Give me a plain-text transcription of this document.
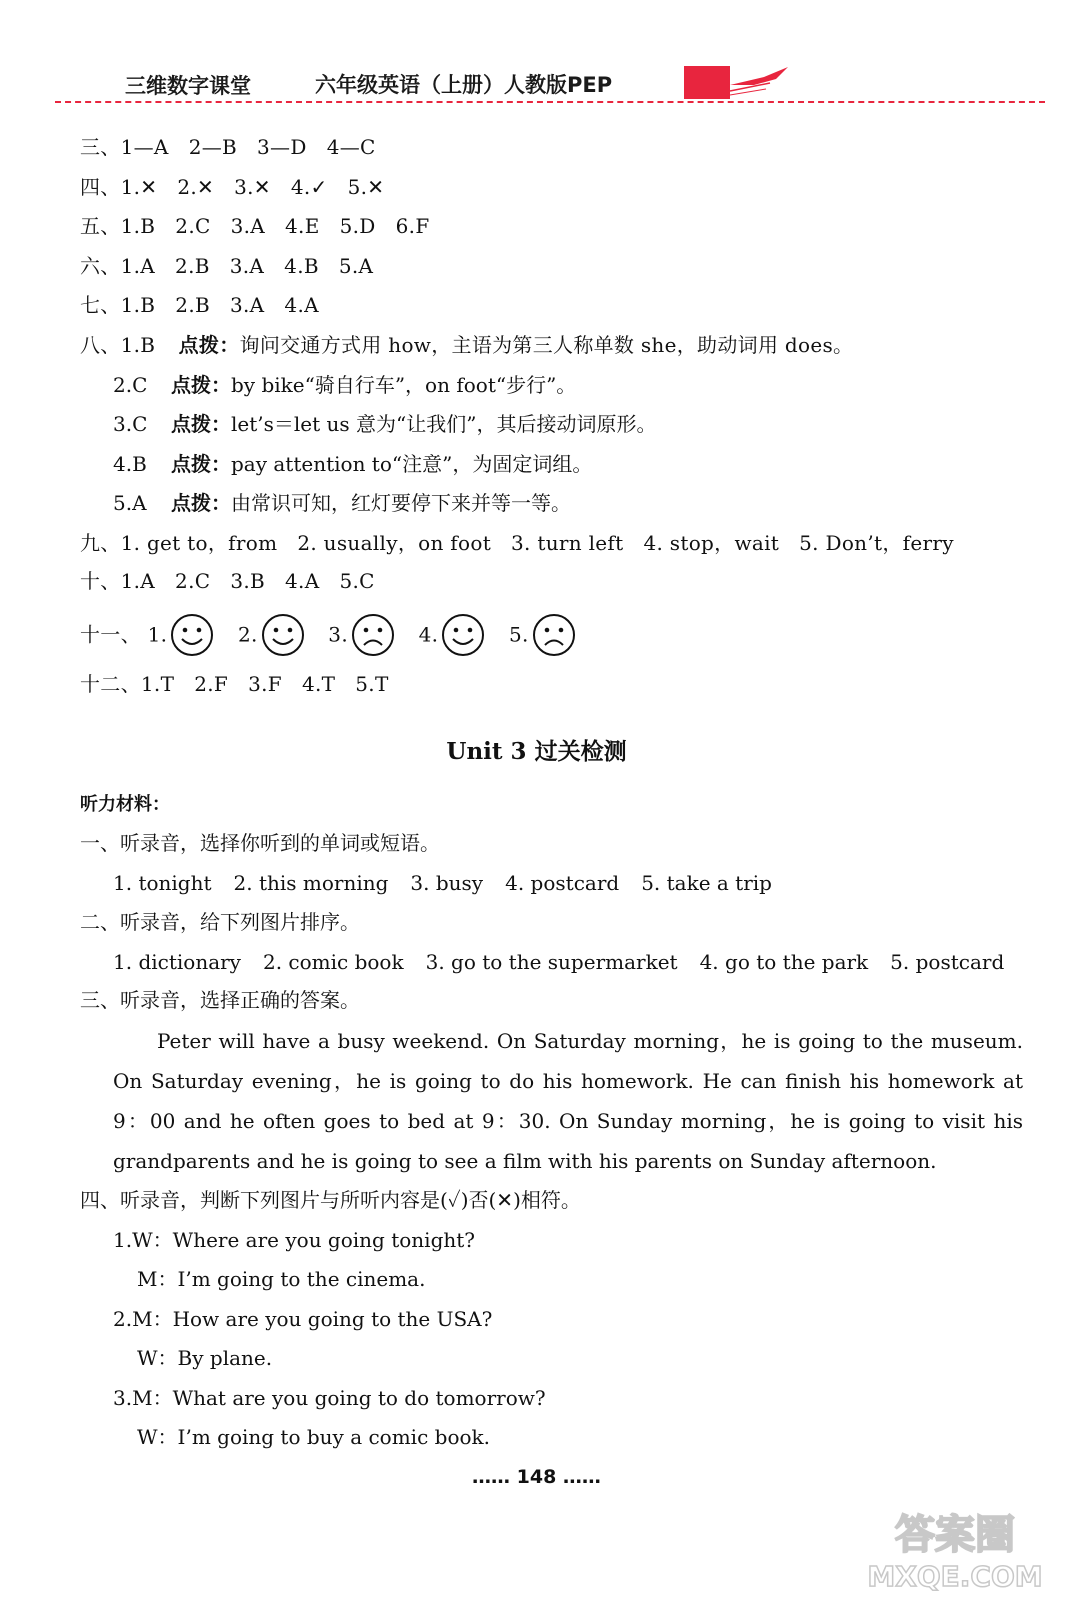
三维数字课堂	六年级英语（上册）人教版PEP
三、1—A 2—B 3—D 4—C
四、1.✕ 2.✕ 3.✕ 4.✓ 5.✕
五、1.B 2.C 3.A 4.E 5.D 6.F
六、1.A 2.B 3.A 4.B 5.A
七、1.B 2.B 3.A 4.A
八、1.B 点拨：询问交通方式用 how，主语为第三人称单数 she，助动词用 does。
2.C 点拨：by bike“骑自行车”，on foot“步行”。
3.C 点拨：let’s＝let us 意为“让我们”，其后接动词原形。
4.B 点拨：pay attention to“注意”，为固定词组。
5.A 点拨：由常识可知，红灯要停下来并等一等。
九、1. get to，from 2. usually，on foot 3. turn left 4. stop，wait 5. Don’t，ferry
十、1.A 2.C 3.B 4.A 5.C
十一、 1.	2.	3.	4.	5.
十二、1.T 2.F 3.F 4.T 5.T
Unit 3 过关检测
听力材料：
一、听录音，选择你听到的单词或短语。
1. tonight 2. this morning 3. busy 4. postcard 5. take a trip
二、听录音，给下列图片排序。
1. dictionary 2. comic book 3. go to the supermarket 4. go to the park 5. postcard
三、听录音，选择正确的答案。
Peter will have a busy weekend. On Saturday morning，he is going to the museum. On Saturday evening，he is going to do his homework. He can finish his homework at 9：00 and he often goes to bed at 9：30. On Sunday morning，he is going to visit his grandparents and he is going to see a film with his parents on Sunday afternoon.
四、听录音，判断下列图片与所听内容是(✓)否(✕)相符。
1.W：Where are you going tonight?
M：I’m going to the cinema.
2.M：How are you going to the USA?
W：By plane.
3.M：What are you going to do tomorrow?
W：I’m going to buy a comic book.
…… 148 ……
答案圈
MXQE.COM
